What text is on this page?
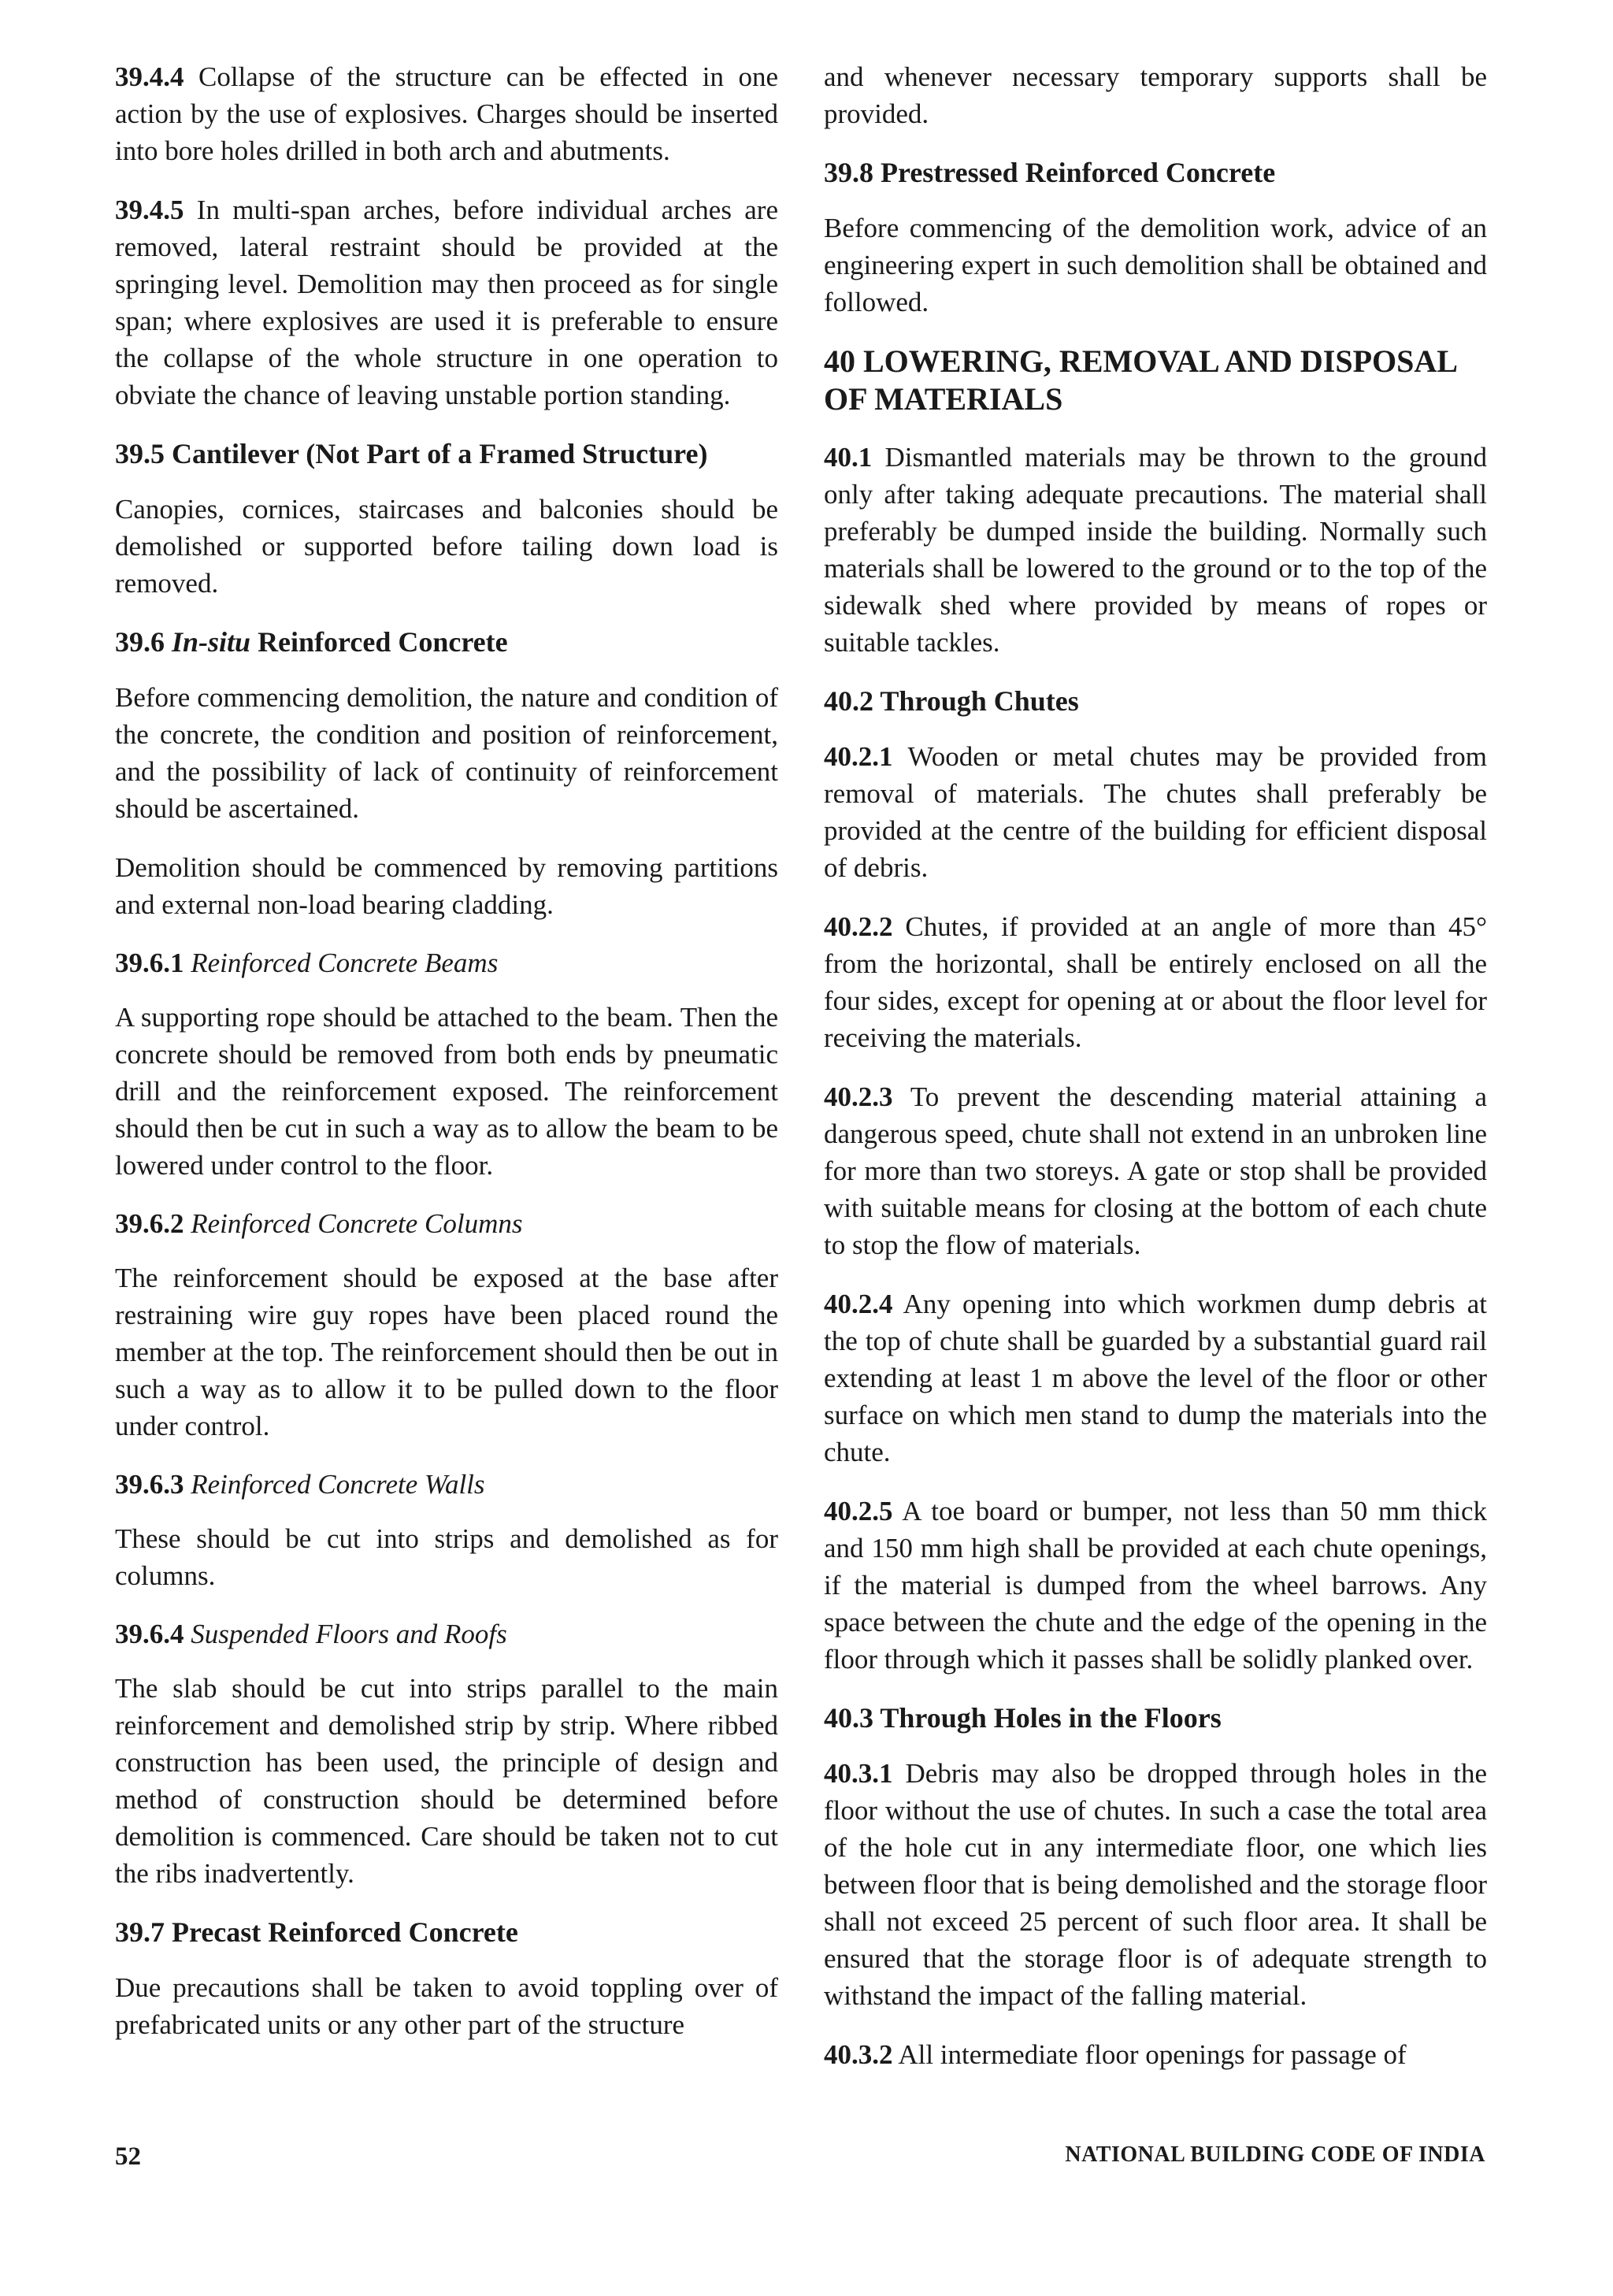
39.4.4 Collapse of the structure can be effected in one action by the use of explosives. Charges should be inserted into bore holes drilled in both arch and abutments.

39.4.5 In multi-span arches, before individual arches are removed, lateral restraint should be provided at the springing level. Demolition may then proceed as for single span; where explosives are used it is preferable to ensure the collapse of the whole structure in one operation to obviate the chance of leaving unstable portion standing.

39.5 Cantilever (Not Part of a Framed Structure)

Canopies, cornices, staircases and balconies should be demolished or supported before tailing down load is removed.

39.6 In-situ Reinforced Concrete

Before commencing demolition, the nature and condition of the concrete, the condition and position of reinforcement, and the possibility of lack of continuity of reinforcement should be ascertained.

Demolition should be commenced by removing partitions and external non-load bearing cladding.

39.6.1 Reinforced Concrete Beams

A supporting rope should be attached to the beam. Then the concrete should be removed from both ends by pneumatic drill and the reinforcement exposed. The reinforcement should then be cut in such a way as to allow the beam to be lowered under control to the floor.

39.6.2 Reinforced Concrete Columns

The reinforcement should be exposed at the base after restraining wire guy ropes have been placed round the member at the top. The reinforcement should then be out in such a way as to allow it to be pulled down to the floor under control.

39.6.3 Reinforced Concrete Walls

These should be cut into strips and demolished as for columns.

39.6.4 Suspended Floors and Roofs

The slab should be cut into strips parallel to the main reinforcement and demolished strip by strip. Where ribbed construction has been used, the principle of design and method of construction should be determined before demolition is commenced. Care should be taken not to cut the ribs inadvertently.

39.7 Precast Reinforced Concrete

Due precautions shall be taken to avoid toppling over of prefabricated units or any other part of the structure

and whenever necessary temporary supports shall be provided.

39.8 Prestressed Reinforced Concrete

Before commencing of the demolition work, advice of an engineering expert in such demolition shall be obtained and followed.

40 LOWERING, REMOVAL AND DISPOSAL OF MATERIALS

40.1 Dismantled materials may be thrown to the ground only after taking adequate precautions. The material shall preferably be dumped inside the building. Normally such materials shall be lowered to the ground or to the top of the sidewalk shed where provided by means of ropes or suitable tackles.

40.2 Through Chutes

40.2.1 Wooden or metal chutes may be provided from removal of materials. The chutes shall preferably be provided at the centre of the building for efficient disposal of debris.

40.2.2 Chutes, if provided at an angle of more than 45° from the horizontal, shall be entirely enclosed on all the four sides, except for opening at or about the floor level for receiving the materials.

40.2.3 To prevent the descending material attaining a dangerous speed, chute shall not extend in an unbroken line for more than two storeys. A gate or stop shall be provided with suitable means for closing at the bottom of each chute to stop the flow of materials.

40.2.4 Any opening into which workmen dump debris at the top of chute shall be guarded by a substantial guard rail extending at least 1 m above the level of the floor or other surface on which men stand to dump the materials into the chute.

40.2.5 A toe board or bumper, not less than 50 mm thick and 150 mm high shall be provided at each chute openings, if the material is dumped from the wheel barrows. Any space between the chute and the edge of the opening in the floor through which it passes shall be solidly planked over.

40.3 Through Holes in the Floors

40.3.1 Debris may also be dropped through holes in the floor without the use of chutes. In such a case the total area of the hole cut in any intermediate floor, one which lies between floor that is being demolished and the storage floor shall not exceed 25 percent of such floor area. It shall be ensured that the storage floor is of adequate strength to withstand the impact of the falling material.

40.3.2 All intermediate floor openings for passage of

52	NATIONAL BUILDING CODE OF INDIA
